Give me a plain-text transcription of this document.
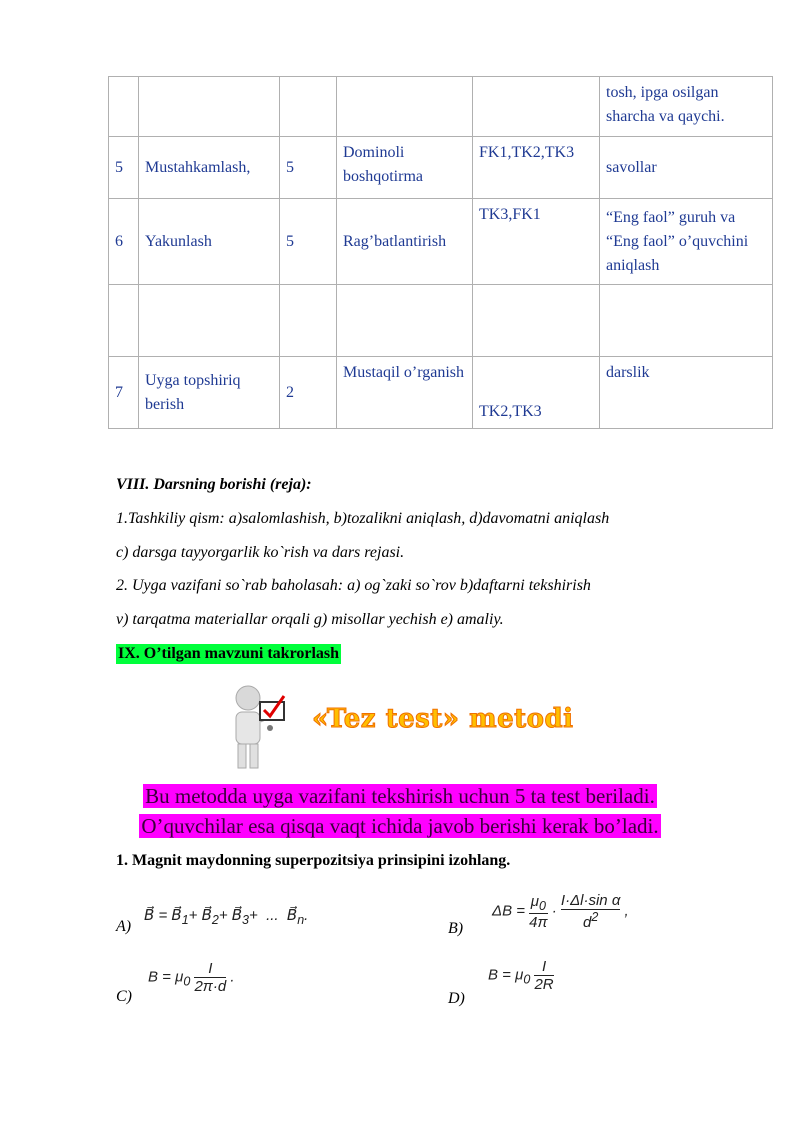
					tosh, ipga osilgan sharcha va qaychi.
5	Mustahkamlash,	5	Dominoli boshqotirma	FK1,TK2,TK3	savollar
6	Yakunlash	5	Rag’batlantirish	TK3,FK1	“Eng faol” guruh va “Eng faol” o’quvchini aniqlash

7	Uyga topshiriq berish	2	Mustaqil o’rganish	TK2,TK3	darslik
VIII. Darsning borishi (reja):
1.Tashkiliy qism: a)salomlashish, b)tozalikni aniqlash, d)davomatni aniqlash
c) darsga tayyorgarlik ko`rish va dars rejasi.
2. Uyga vazifani so`rab baholasah: a) og`zaki so`rov b)daftarni tekshirish
v) tarqatma materiallar orqali g) misollar yechish e) amaliy.
IX. O’tilgan mavzuni takrorlash
«Tez test» metodi
Bu metodda uyga vazifani tekshirish uchun 5 ta test beriladi.
O’quvchilar esa qisqa vaqt ichida javob berishi kerak bo’ladi.
1. Magnit maydonning superpozitsiya prinsipini izohlang.
A)
B⃗ = $B⃗_1+$ $B⃗_2+$ $B⃗_3+$  ...  $B⃗_n$.
B)
ΔB =
$\mu_0$
4π ·
I·Δl·sin α
$d^2$ ,
C)
$B = \mu_0$
I
2π·d .
D)
$B = \mu_0$
I
2R
